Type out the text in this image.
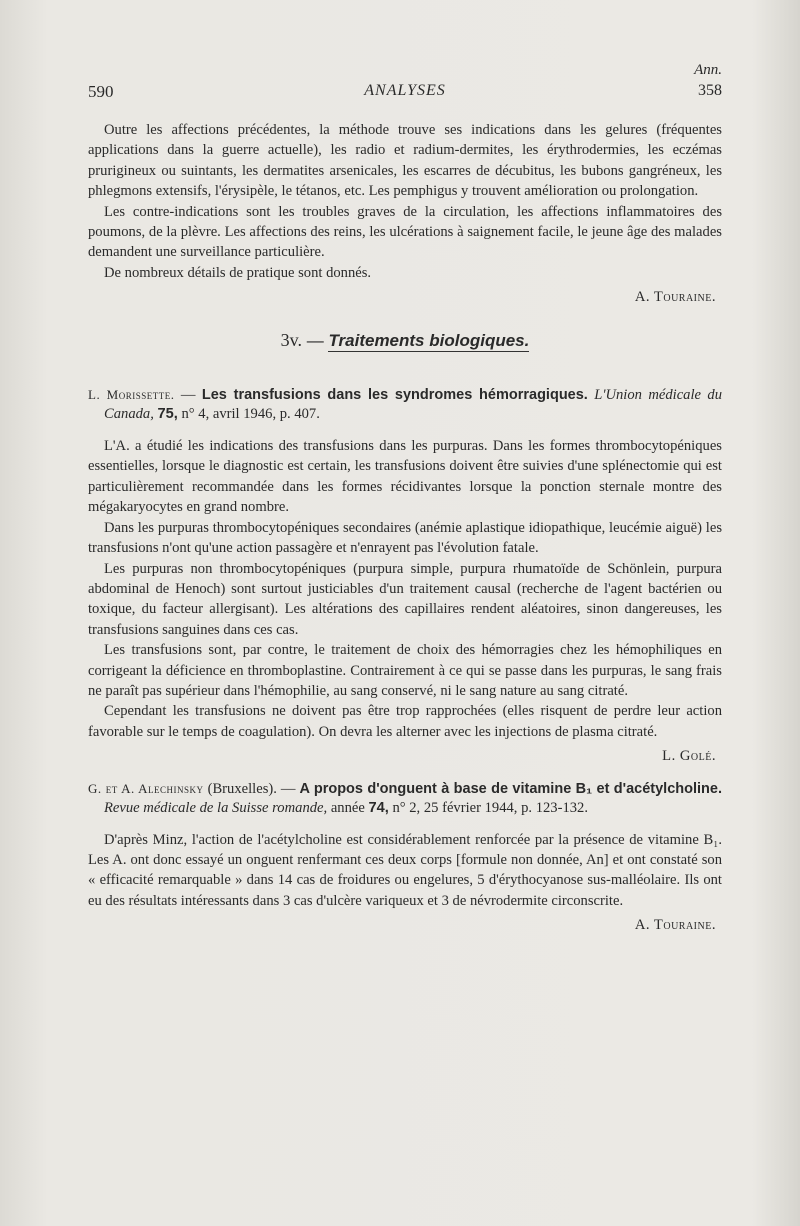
Ann.
590	ANALYSES	358

Outre les affections précédentes, la méthode trouve ses indications dans les gelures (fréquentes applications dans la guerre actuelle), les radio et radium-dermites, les érythrodermies, les eczémas prurigineux ou suintants, les dermatites arsenicales, les escarres de décubitus, les bubons gangréneux, les phlegmons extensifs, l'érysipèle, le tétanos, etc. Les pemphigus y trouvent amélioration ou prolongation.

Les contre-indications sont les troubles graves de la circulation, les affections inflammatoires des poumons, de la plèvre. Les affections des reins, les ulcérations à saignement facile, le jeune âge des malades demandent une surveillance particulière.

De nombreux détails de pratique sont donnés.

A. Touraine.

3v. — Traitements biologiques.

L. Morissette. — Les transfusions dans les syndromes hémorragiques. L'Union médicale du Canada, 75, n° 4, avril 1946, p. 407.

L'A. a étudié les indications des transfusions dans les purpuras. Dans les formes thrombocytopéniques essentielles, lorsque le diagnostic est certain, les transfusions doivent être suivies d'une splénectomie qui est particulièrement recommandée dans les formes récidivantes lorsque la ponction sternale montre des mégakaryocytes en grand nombre.

Dans les purpuras thrombocytopéniques secondaires (anémie aplastique idiopathique, leucémie aiguë) les transfusions n'ont qu'une action passagère et n'enrayent pas l'évolution fatale.

Les purpuras non thrombocytopéniques (purpura simple, purpura rhumatoïde de Schönlein, purpura abdominal de Henoch) sont surtout justiciables d'un traitement causal (recherche de l'agent bactérien ou toxique, du facteur allergisant). Les altérations des capillaires rendent aléatoires, sinon dangereuses, les transfusions sanguines dans ces cas.

Les transfusions sont, par contre, le traitement de choix des hémorragies chez les hémophiliques en corrigeant la déficience en thromboplastine. Contrairement à ce qui se passe dans les purpuras, le sang frais ne paraît pas supérieur dans l'hémophilie, au sang conservé, ni le sang nature au sang citraté.

Cependant les transfusions ne doivent pas être trop rapprochées (elles risquent de perdre leur action favorable sur le temps de coagulation). On devra les alterner avec les injections de plasma citraté.

L. Golé.

G. et A. Alechinsky (Bruxelles). — A propos d'onguent à base de vitamine B₁ et d'acétylcholine. Revue médicale de la Suisse romande, année 74, n° 2, 25 février 1944, p. 123-132.

D'après Minz, l'action de l'acétylcholine est considérablement renforcée par la présence de vitamine B₁. Les A. ont donc essayé un onguent renfermant ces deux corps [formule non donnée, An] et ont constaté son « efficacité remarquable » dans 14 cas de froidures ou engelures, 5 d'érythocyanose sus-malléolaire. Ils ont eu des résultats intéressants dans 3 cas d'ulcère variqueux et 3 de névrodermite circonscrite.

A. Touraine.
